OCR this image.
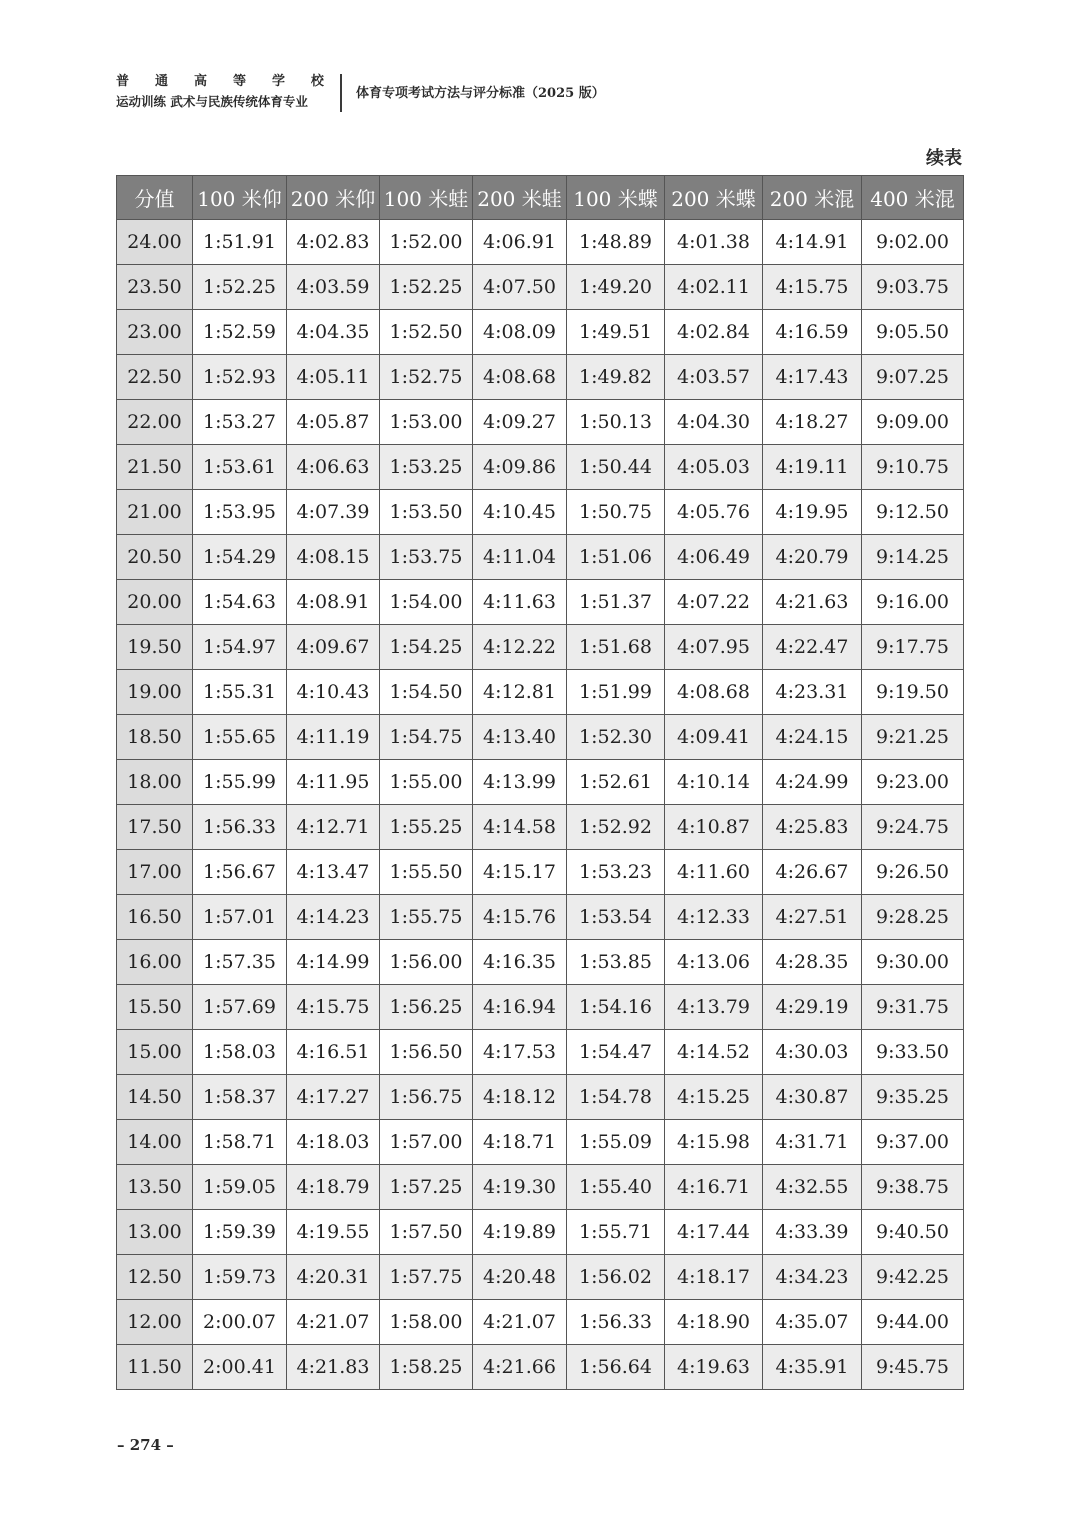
普 通 高 等 学 校
运动训练 武术与民族传统体育专业
体育专项考试方法与评分标准（2025 版）
续表
分值	100 米仰	200 米仰	100 米蛙	200 米蛙	100 米蝶	200 米蝶	200 米混	400 米混
24.00	1:51.91	4:02.83	1:52.00	4:06.91	1:48.89	4:01.38	4:14.91	9:02.00
23.50	1:52.25	4:03.59	1:52.25	4:07.50	1:49.20	4:02.11	4:15.75	9:03.75
23.00	1:52.59	4:04.35	1:52.50	4:08.09	1:49.51	4:02.84	4:16.59	9:05.50
22.50	1:52.93	4:05.11	1:52.75	4:08.68	1:49.82	4:03.57	4:17.43	9:07.25
22.00	1:53.27	4:05.87	1:53.00	4:09.27	1:50.13	4:04.30	4:18.27	9:09.00
21.50	1:53.61	4:06.63	1:53.25	4:09.86	1:50.44	4:05.03	4:19.11	9:10.75
21.00	1:53.95	4:07.39	1:53.50	4:10.45	1:50.75	4:05.76	4:19.95	9:12.50
20.50	1:54.29	4:08.15	1:53.75	4:11.04	1:51.06	4:06.49	4:20.79	9:14.25
20.00	1:54.63	4:08.91	1:54.00	4:11.63	1:51.37	4:07.22	4:21.63	9:16.00
19.50	1:54.97	4:09.67	1:54.25	4:12.22	1:51.68	4:07.95	4:22.47	9:17.75
19.00	1:55.31	4:10.43	1:54.50	4:12.81	1:51.99	4:08.68	4:23.31	9:19.50
18.50	1:55.65	4:11.19	1:54.75	4:13.40	1:52.30	4:09.41	4:24.15	9:21.25
18.00	1:55.99	4:11.95	1:55.00	4:13.99	1:52.61	4:10.14	4:24.99	9:23.00
17.50	1:56.33	4:12.71	1:55.25	4:14.58	1:52.92	4:10.87	4:25.83	9:24.75
17.00	1:56.67	4:13.47	1:55.50	4:15.17	1:53.23	4:11.60	4:26.67	9:26.50
16.50	1:57.01	4:14.23	1:55.75	4:15.76	1:53.54	4:12.33	4:27.51	9:28.25
16.00	1:57.35	4:14.99	1:56.00	4:16.35	1:53.85	4:13.06	4:28.35	9:30.00
15.50	1:57.69	4:15.75	1:56.25	4:16.94	1:54.16	4:13.79	4:29.19	9:31.75
15.00	1:58.03	4:16.51	1:56.50	4:17.53	1:54.47	4:14.52	4:30.03	9:33.50
14.50	1:58.37	4:17.27	1:56.75	4:18.12	1:54.78	4:15.25	4:30.87	9:35.25
14.00	1:58.71	4:18.03	1:57.00	4:18.71	1:55.09	4:15.98	4:31.71	9:37.00
13.50	1:59.05	4:18.79	1:57.25	4:19.30	1:55.40	4:16.71	4:32.55	9:38.75
13.00	1:59.39	4:19.55	1:57.50	4:19.89	1:55.71	4:17.44	4:33.39	9:40.50
12.50	1:59.73	4:20.31	1:57.75	4:20.48	1:56.02	4:18.17	4:34.23	9:42.25
12.00	2:00.07	4:21.07	1:58.00	4:21.07	1:56.33	4:18.90	4:35.07	9:44.00
11.50	2:00.41	4:21.83	1:58.25	4:21.66	1:56.64	4:19.63	4:35.91	9:45.75
– 274 –
